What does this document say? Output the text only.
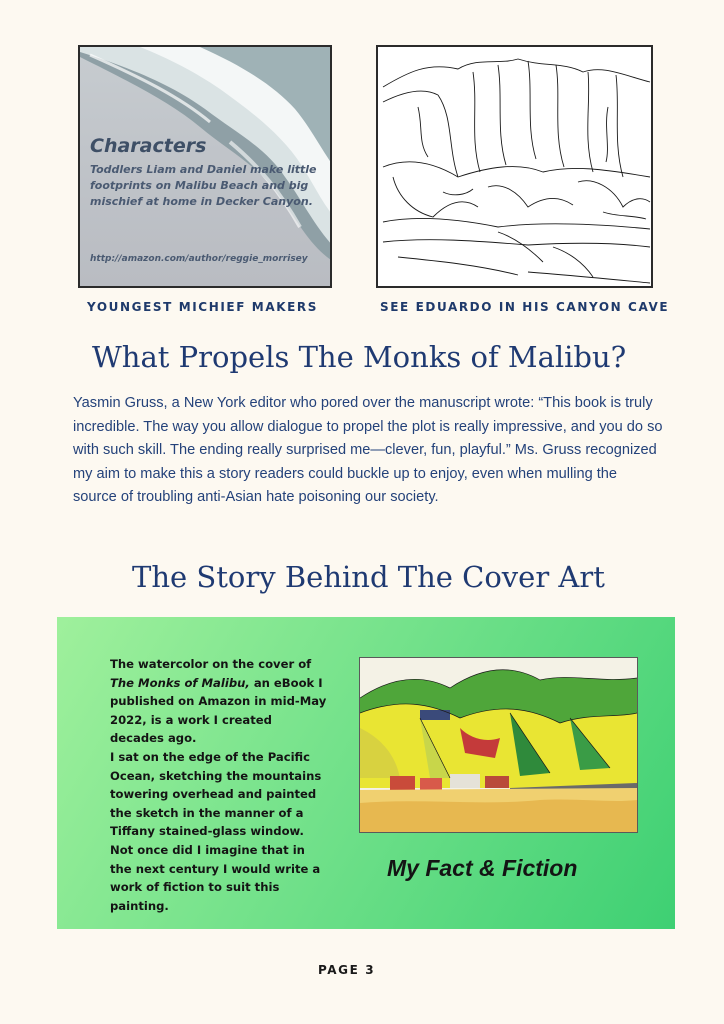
Characters
Toddlers Liam and Daniel make little footprints on Malibu Beach and big mischief at home in Decker Canyon.
http://amazon.com/author/reggie_morrisey
YOUNGEST MICHIEF MAKERS	SEE EDUARDO IN HIS CANYON CAVE
What Propels The Monks of Malibu?
Yasmin Gruss, a New York editor who pored over the manuscript wrote: “This book is truly incredible. The way you allow dialogue to propel the plot is really impressive, and you do so with such skill. The ending really surprised me—clever, fun, playful.” Ms. Gruss recognized my aim to make this a story readers could buckle up to enjoy, even when mulling the source of troubling anti-Asian hate poisoning our society.
The Story Behind The Cover Art
The watercolor on the cover of The Monks of Malibu, an eBook I published on Amazon in mid-May 2022, is a work I created decades ago.
I sat on the edge of the Pacific Ocean, sketching the mountains towering overhead and painted the sketch in the manner of a Tiffany stained-glass window. Not once did I imagine that in the next century I would write a work of fiction to suit this painting.
My Fact & Fiction
PAGE 3
